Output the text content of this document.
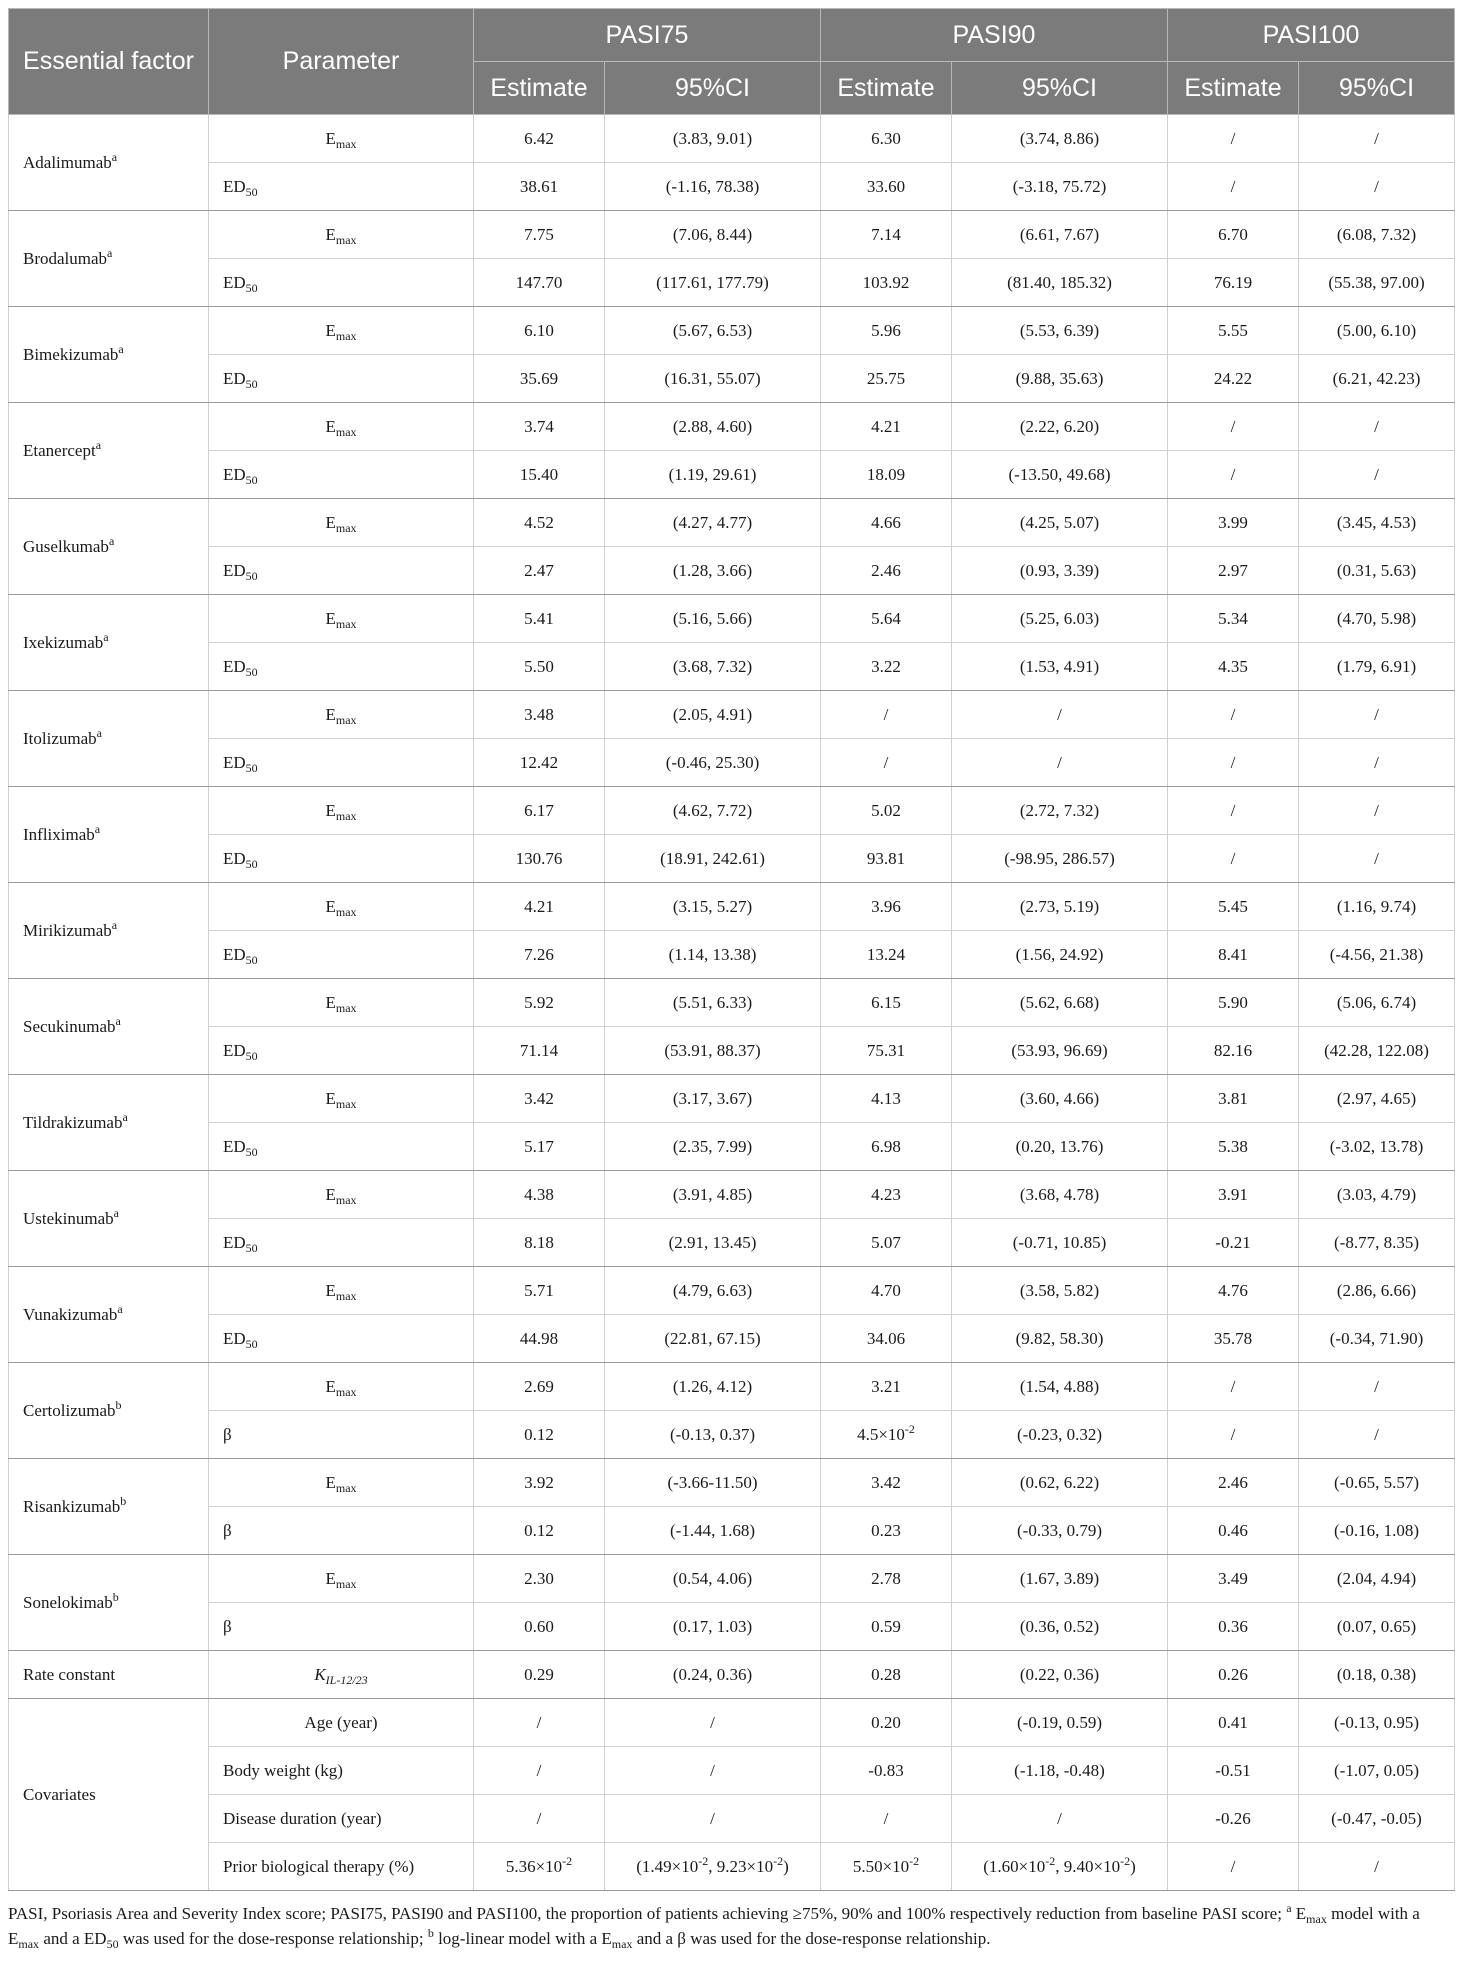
Essential factor	Parameter	PASI75		PASI90		PASI100	
		Estimate	95%CI	Estimate	95%CI	Estimate	95%CI
Adalimumab$^a$	$E_{max}$	6.42	(3.83, 9.01)	6.30	(3.74, 8.86)	/	/
	$ED_{50}$	38.61	(-1.16, 78.38)	33.60	(-3.18, 75.72)	/	/
Brodalumab$^a$	$E_{max}$	7.75	(7.06, 8.44)	7.14	(6.61, 7.67)	6.70	(6.08, 7.32)
	$ED_{50}$	147.70	(117.61, 177.79)	103.92	(81.40, 185.32)	76.19	(55.38, 97.00)
Bimekizumab$^a$	$E_{max}$	6.10	(5.67, 6.53)	5.96	(5.53, 6.39)	5.55	(5.00, 6.10)
	$ED_{50}$	35.69	(16.31, 55.07)	25.75	(9.88, 35.63)	24.22	(6.21, 42.23)
Etanercept$^a$	$E_{max}$	3.74	(2.88, 4.60)	4.21	(2.22, 6.20)	/	/
	$ED_{50}$	15.40	(1.19, 29.61)	18.09	(-13.50, 49.68)	/	/
Guselkumab$^a$	$E_{max}$	4.52	(4.27, 4.77)	4.66	(4.25, 5.07)	3.99	(3.45, 4.53)
	$ED_{50}$	2.47	(1.28, 3.66)	2.46	(0.93, 3.39)	2.97	(0.31, 5.63)
Ixekizumab$^a$	$E_{max}$	5.41	(5.16, 5.66)	5.64	(5.25, 6.03)	5.34	(4.70, 5.98)
	$ED_{50}$	5.50	(3.68, 7.32)	3.22	(1.53, 4.91)	4.35	(1.79, 6.91)
Itolizumab$^a$	$E_{max}$	3.48	(2.05, 4.91)	/	/	/	/
	$ED_{50}$	12.42	(-0.46, 25.30)	/	/	/	/
Infliximab$^a$	$E_{max}$	6.17	(4.62, 7.72)	5.02	(2.72, 7.32)	/	/
	$ED_{50}$	130.76	(18.91, 242.61)	93.81	(-98.95, 286.57)	/	/
Mirikizumab$^a$	$E_{max}$	4.21	(3.15, 5.27)	3.96	(2.73, 5.19)	5.45	(1.16, 9.74)
	$ED_{50}$	7.26	(1.14, 13.38)	13.24	(1.56, 24.92)	8.41	(-4.56, 21.38)
Secukinumab$^a$	$E_{max}$	5.92	(5.51, 6.33)	6.15	(5.62, 6.68)	5.90	(5.06, 6.74)
	$ED_{50}$	71.14	(53.91, 88.37)	75.31	(53.93, 96.69)	82.16	(42.28, 122.08)
Tildrakizumab$^a$	$E_{max}$	3.42	(3.17, 3.67)	4.13	(3.60, 4.66)	3.81	(2.97, 4.65)
	$ED_{50}$	5.17	(2.35, 7.99)	6.98	(0.20, 13.76)	5.38	(-3.02, 13.78)
Ustekinumab$^a$	$E_{max}$	4.38	(3.91, 4.85)	4.23	(3.68, 4.78)	3.91	(3.03, 4.79)
	$ED_{50}$	8.18	(2.91, 13.45)	5.07	(-0.71, 10.85)	-0.21	(-8.77, 8.35)
Vunakizumab$^a$	$E_{max}$	5.71	(4.79, 6.63)	4.70	(3.58, 5.82)	4.76	(2.86, 6.66)
	$ED_{50}$	44.98	(22.81, 67.15)	34.06	(9.82, 58.30)	35.78	(-0.34, 71.90)
Certolizumab$^b$	$E_{max}$	2.69	(1.26, 4.12)	3.21	(1.54, 4.88)	/	/
	β	0.12	(-0.13, 0.37)	$4.5\times 10^{-2}$	(-0.23, 0.32)	/	/
Risankizumab$^b$	$E_{max}$	3.92	(-3.66-11.50)	3.42	(0.62, 6.22)	2.46	(-0.65, 5.57)
	β	0.12	(-1.44, 1.68)	0.23	(-0.33, 0.79)	0.46	(-0.16, 1.08)
Sonelokimab$^b$	$E_{max}$	2.30	(0.54, 4.06)	2.78	(1.67, 3.89)	3.49	(2.04, 4.94)
	β	0.60	(0.17, 1.03)	0.59	(0.36, 0.52)	0.36	(0.07, 0.65)
Rate constant	$K_{IL-12/23}$	0.29	(0.24, 0.36)	0.28	(0.22, 0.36)	0.26	(0.18, 0.38)
Covariates	Age (year)	/	/	0.20	(-0.19, 0.59)	0.41	(-0.13, 0.95)
	Body weight (kg)	/	/	-0.83	(-1.18, -0.48)	-0.51	(-1.07, 0.05)
	Disease duration (year)	/	/	/	/	-0.26	(-0.47, -0.05)
	Prior biological therapy (%)	$5.36\times 10^{-2}$	($1.49\times 10^{-2}$, $9.23\times 10^{-2}$)	$5.50\times 10^{-2}$	($1.60\times 10^{-2}$, $9.40\times 10^{-2}$)	/	/
PASI, Psoriasis Area and Severity Index score; PASI75, PASI90 and PASI100, the proportion of patients achieving ≥75%, 90% and 100% respectively reduction from baseline PASI score; $^a$ $E_{max}$ model with a $E_{max}$ and a $ED_{50}$ was used for the dose-response relationship; $^b$ log-linear model with a $E_{max}$ and a β was used for the dose-response relationship.
